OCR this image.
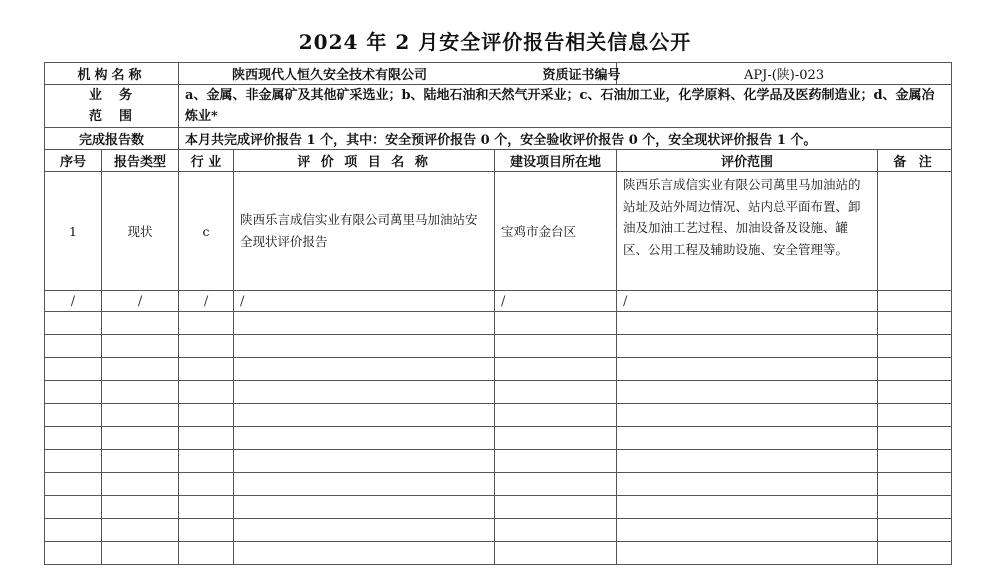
2024 年 2 月安全评价报告相关信息公开
机构名称		陕西现代人恒久安全技术有限公司 资质证书编号			APJ-(陕)-023	

业　务
范　围		a、金属、非金属矿及其他矿采选业；b、陆地石油和天然气开采业；c、石油加工业，化学原料、化学品及医药制造业；d、金属冶炼业*				
完成报告数		本月共完成评价报告 1 个，其中：安全预评价报告 0 个，安全验收评价报告 0 个，安全现状评价报告 1 个。				
序号	报告类型	行 业	评 价 项 目 名 称	建设项目所在地	评价范围	备 注
1	现状	c	陕西乐言成信实业有限公司萬里马加油站安全现状评价报告	宝鸡市金台区	陕西乐言成信实业有限公司萬里马加油站的站址及站外周边情况、站内总平面布置、卸油及加油工艺过程、加油设备及设施、罐区、公用工程及辅助设施、安全管理等。	
/	/	/	/	/	/	
